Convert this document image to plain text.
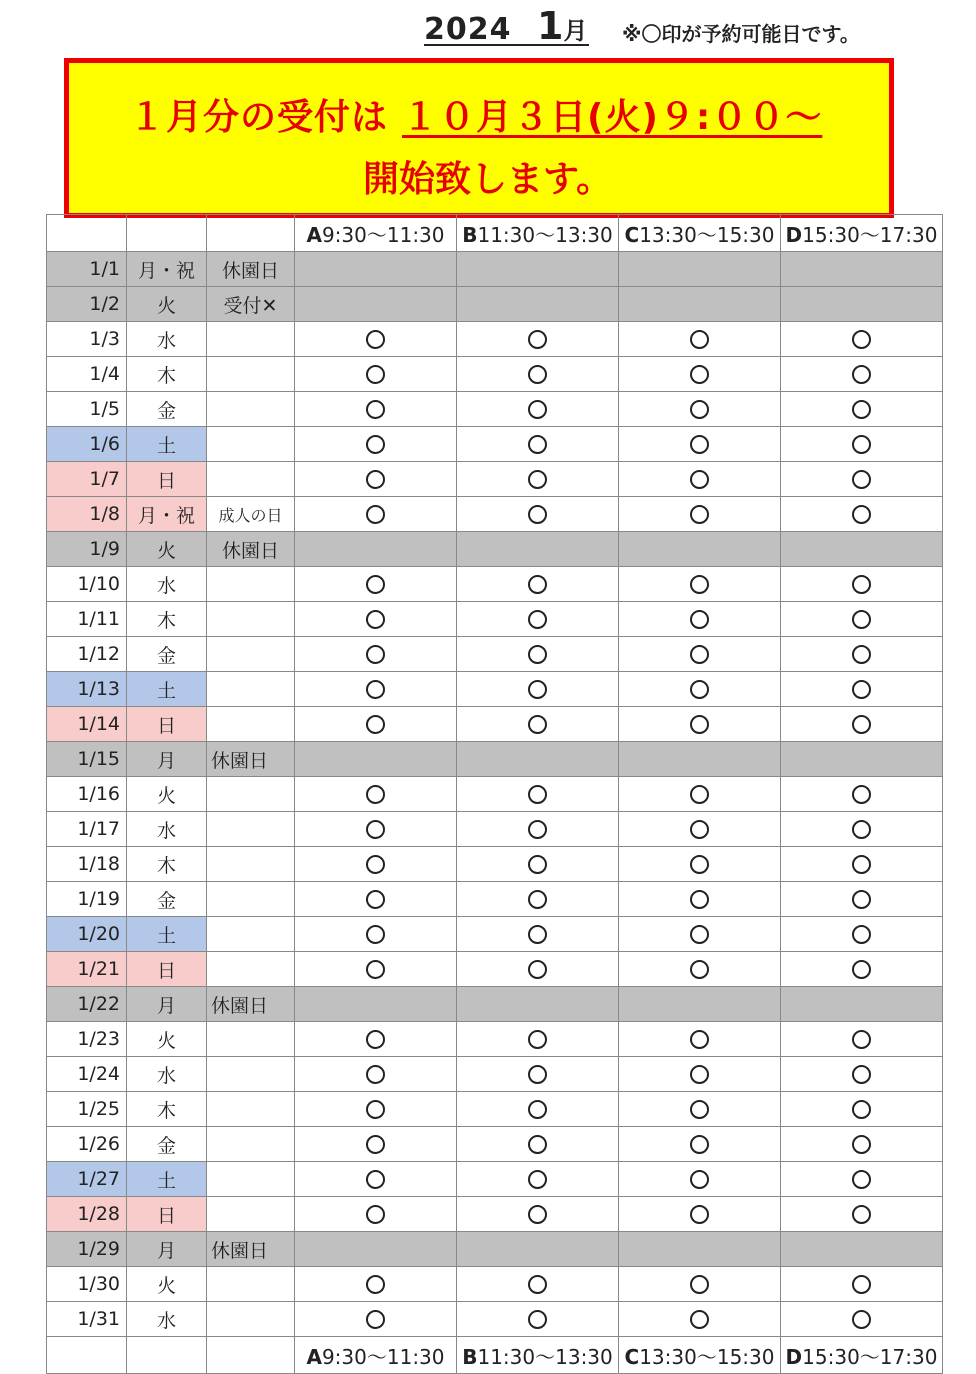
2024 1月 ※〇印が予約可能日です。
１月分の受付は １０月３日(火)９:００～
開始致します。
			A9:30～11:30	B11:30～13:30	C13:30～15:30	D15:30～17:30
1/1	月・祝	休園日				
1/2	火	受付✕				
1/3	水					
1/4	木					
1/5	金					
1/6	土					
1/7	日					
1/8	月・祝	成人の日				
1/9	火	休園日				
1/10	水					
1/11	木					
1/12	金					
1/13	土					
1/14	日					
1/15	月	休園日				
1/16	火					
1/17	水					
1/18	木					
1/19	金					
1/20	土					
1/21	日					
1/22	月	休園日				
1/23	火					
1/24	水					
1/25	木					
1/26	金					
1/27	土					
1/28	日					
1/29	月	休園日				
1/30	火					
1/31	水					
			A9:30～11:30	B11:30～13:30	C13:30～15:30	D15:30～17:30
